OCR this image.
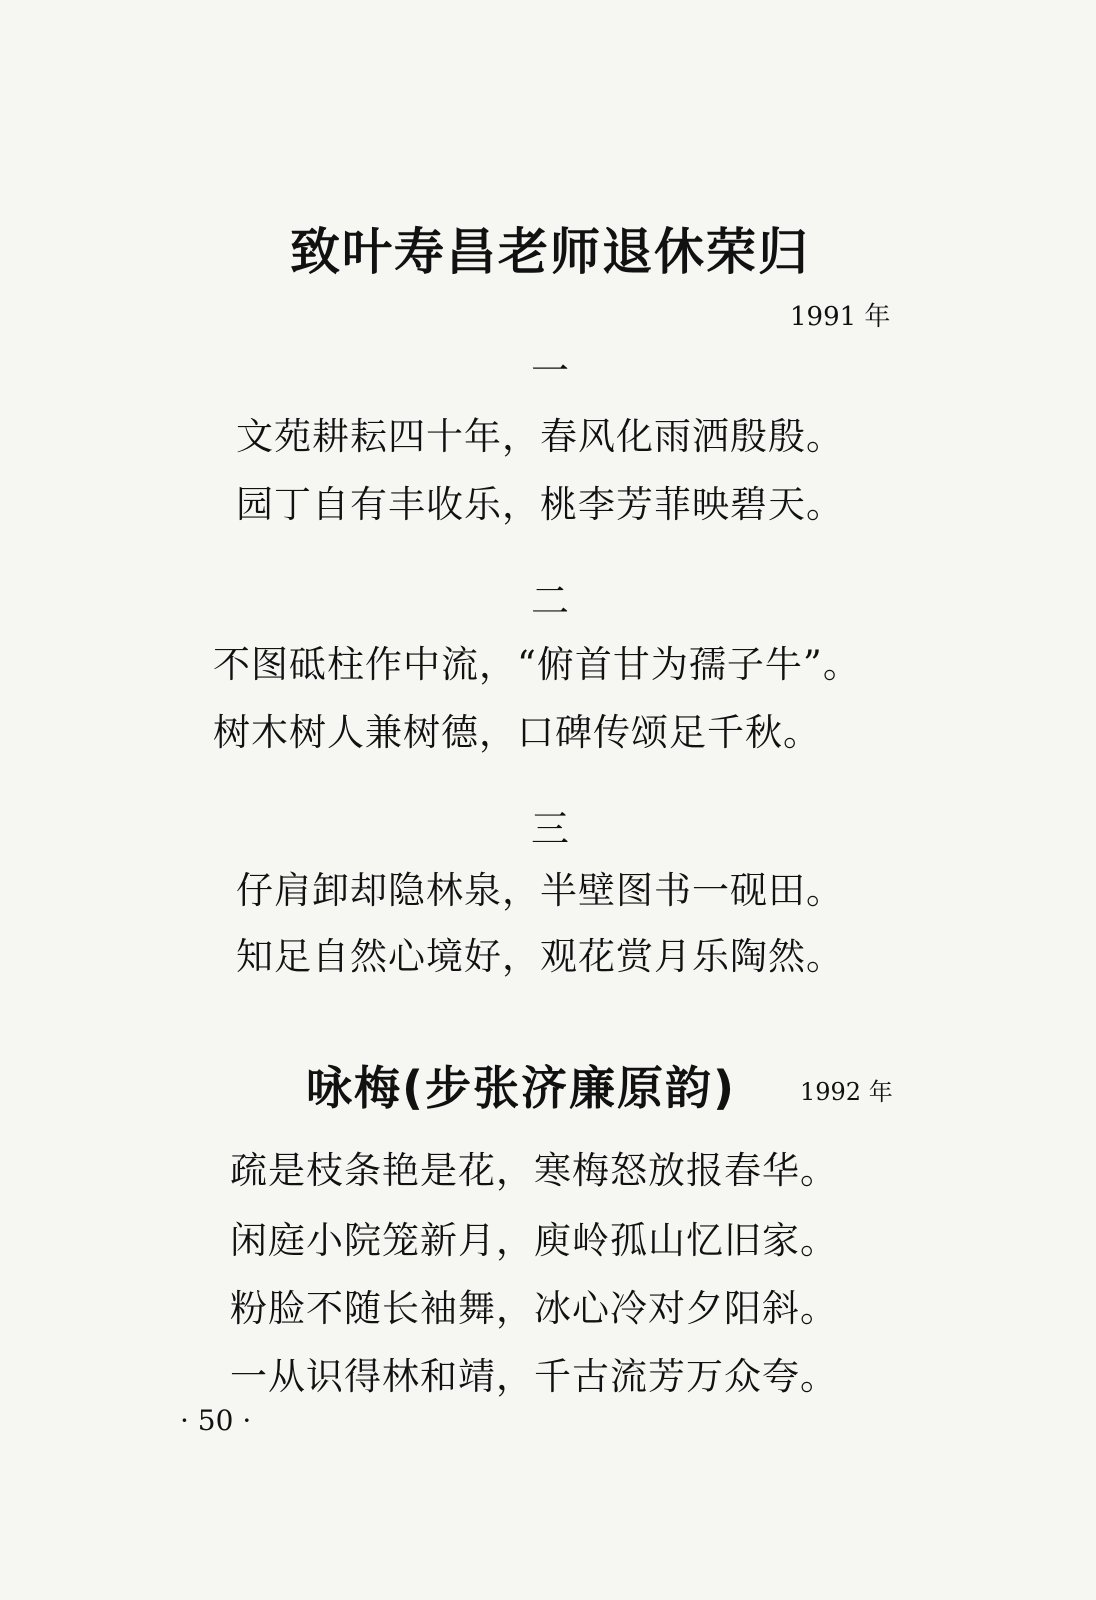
致叶寿昌老师退休荣归
1991 年
一
文苑耕耘四十年，春风化雨洒殷殷。
园丁自有丰收乐，桃李芳菲映碧天。
二
不图砥柱作中流，“俯首甘为孺子牛”。
树木树人兼树德，口碑传颂足千秋。
三
仔肩卸却隐林泉，半壁图书一砚田。
知足自然心境好，观花赏月乐陶然。
咏梅(步张济廉原韵)	1992 年
疏是枝条艳是花，寒梅怒放报春华。
闲庭小院笼新月，庾岭孤山忆旧家。
粉脸不随长袖舞，冰心冷对夕阳斜。
一从识得林和靖，千古流芳万众夸。
· 50 ·
